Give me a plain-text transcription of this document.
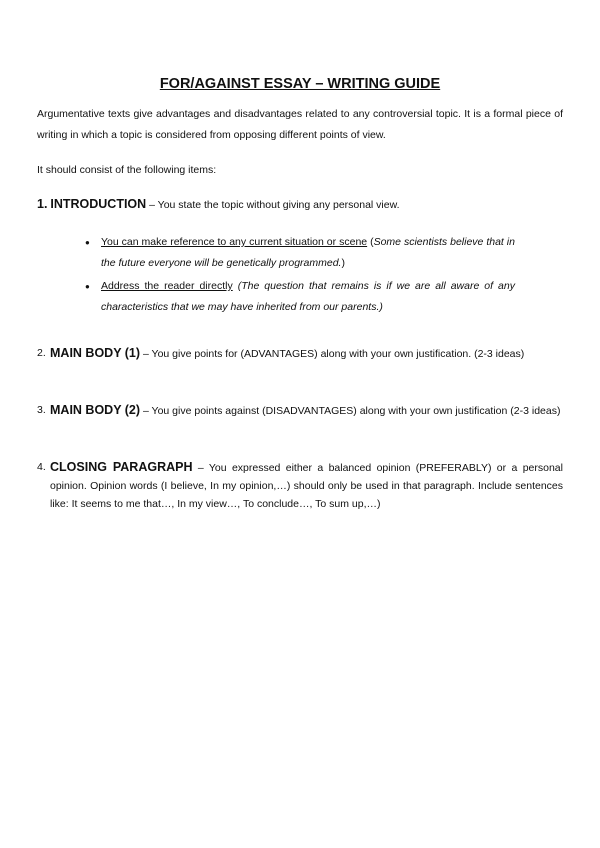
FOR/AGAINST ESSAY – WRITING GUIDE
Argumentative texts give advantages and disadvantages related to any controversial topic. It is a formal piece of writing in which a topic is considered from opposing different points of view.
It should consist of the following items:
1. INTRODUCTION – You state the topic without giving any personal view.
● You can make reference to any current situation or scene (Some scientists believe that in the future everyone will be genetically programmed.)
● Address the reader directly (The question that remains is if we are all aware of any characteristics that we may have inherited from our parents.)
2. MAIN BODY (1) – You give points for (ADVANTAGES) along with your own justification. (2-3 ideas)
3. MAIN BODY (2) – You give points against (DISADVANTAGES) along with your own justification (2-3 ideas)
4. CLOSING PARAGRAPH – You expressed either a balanced opinion (PREFERABLY) or a personal opinion. Opinion words (I believe, In my opinion,…) should only be used in that paragraph. Include sentences like: It seems to me that…, In my view…, To conclude…, To sum up,…)
